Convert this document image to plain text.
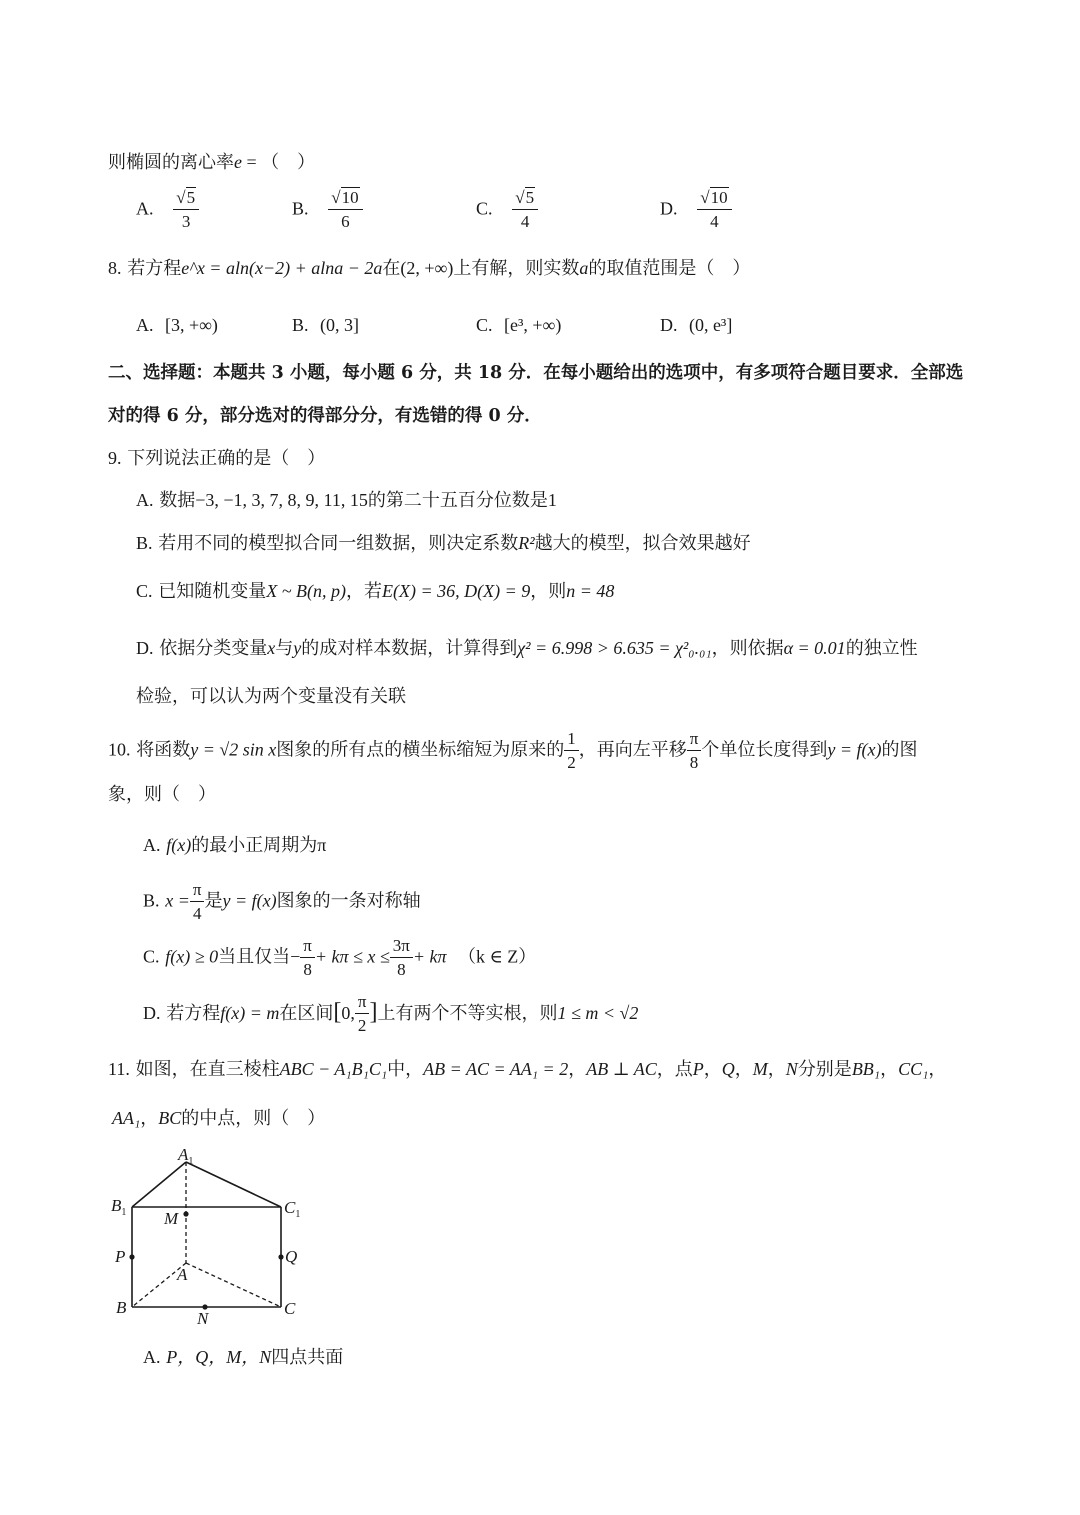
则椭圆的离心率e = （　）
A. $\frac{√5}{3}$	B. $\frac{√10}{6}$	C. $\frac{√5}{4}$	D. $\frac{√10}{4}$
8. 若方程e^x = aln(x−2) + alna − 2a在(2, +∞)上有解，则实数a的取值范围是（　）
A. [3, +∞)	B. (0, 3]	C. [e³, +∞)	D. (0, e³]
二、选择题：本题共 3 小题，每小题 6 分，共 18 分．在每小题给出的选项中，有多项符合题目要求．全部选
对的得 6 分，部分选对的得部分分，有选错的得 0 分．
9. 下列说法正确的是（　）
A. 数据−3, −1, 3, 7, 8, 9, 11, 15的第二十五百分位数是1
B. 若用不同的模型拟合同一组数据，则决定系数R²越大的模型，拟合效果越好
C. 已知随机变量X ~ B(n, p)，若E(X) = 36, D(X) = 9，则n = 48
D. 依据分类变量x与y的成对样本数据，计算得到χ² = 6.998 > 6.635 = χ²₀.₀₁，则依据α = 0.01的独立性
检验，可以认为两个变量没有关联
10. 将函数y = √2 sin x图象的所有点的横坐标缩短为原来的 $\frac{1}{2}$ ，再向左平移 $\frac{\pi}{8}$ 个单位长度得到y = f(x)的图
象，则（　）
A. f(x)的最小正周期为π
B. $x = \frac{\pi}{4}$ 是y = f(x)图象的一条对称轴
C. f(x) ≥ 0当且仅当− $\frac{\pi}{8} + k\pi \le x \le \frac{3\pi}{8} + k\pi$ （k ∈ Z）
D. 若方程f(x) = m在区间[0, $\frac{\pi}{2}$ ]上有两个不等实根，则1 ≤ m < √2
11. 如图，在直三棱柱ABC − A₁B₁C₁中，AB = AC = AA₁ = 2，AB ⊥ AC，点P，Q，M，N分别是BB₁，CC₁，
AA₁，BC的中点，则（　）
$A_1$
$B_1$	$C_1$
M
P	Q
A
B	C
N
A. P，Q，M，N四点共面
